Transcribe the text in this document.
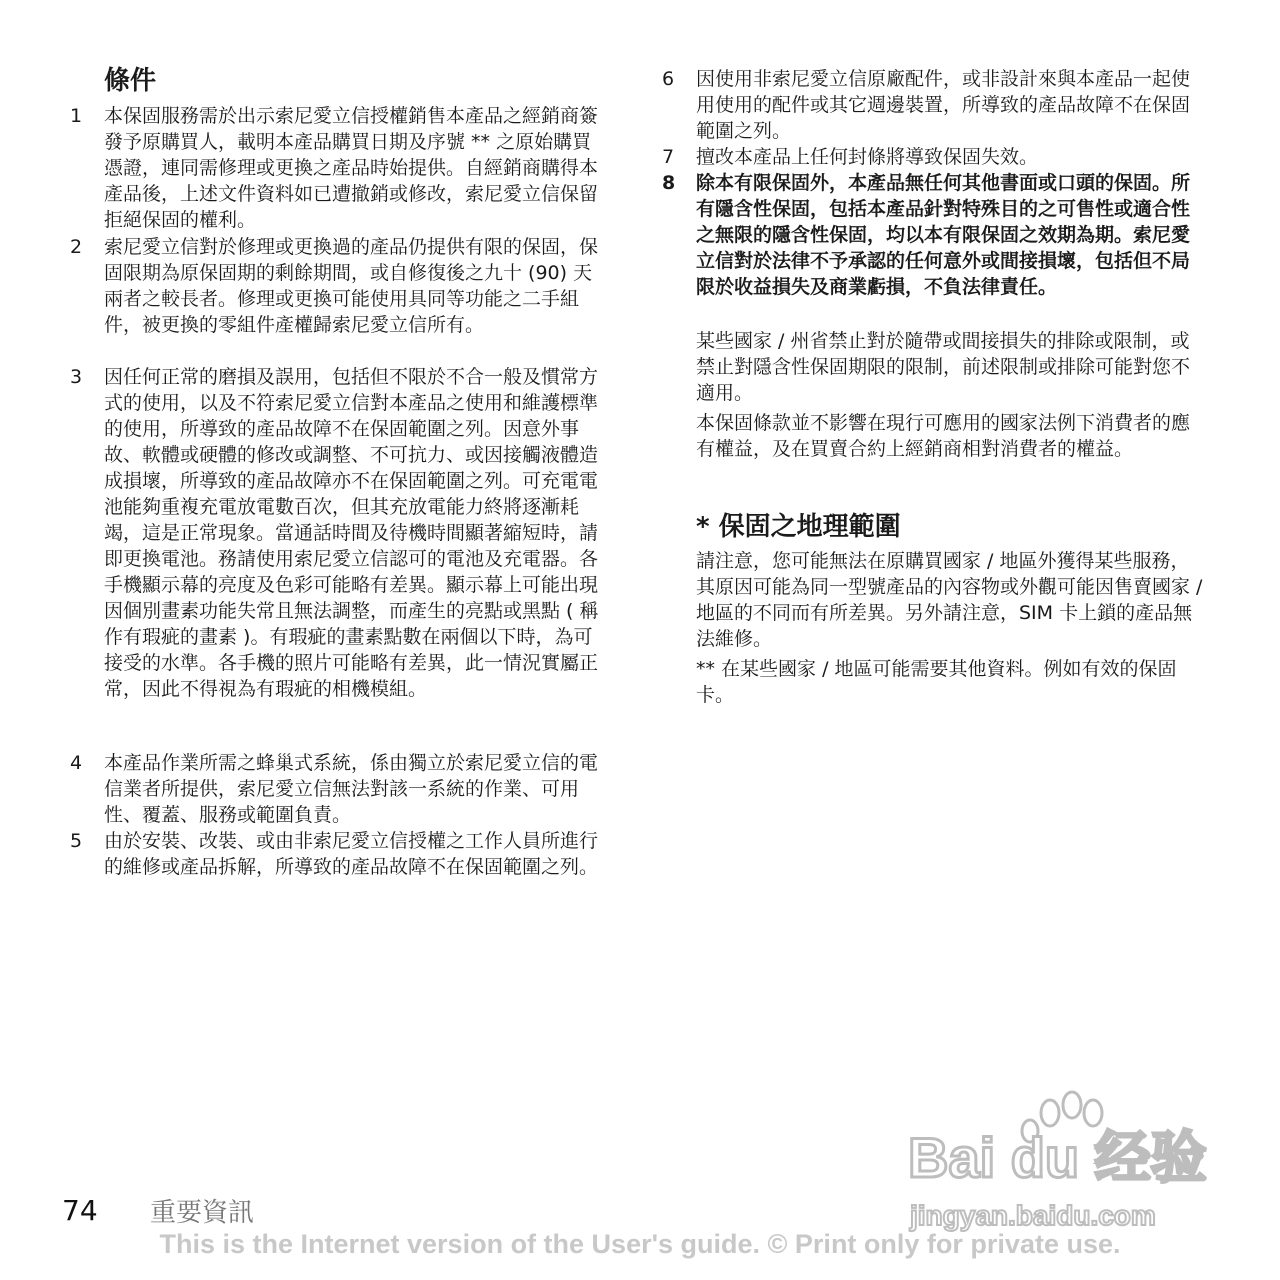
條件
1	本保固服務需於出示索尼愛立信授權銷售本產品之經銷商簽發予原購買人，載明本產品購買日期及序號 ** 之原始購買憑證，連同需修理或更換之產品時始提供。自經銷商購得本產品後，上述文件資料如已遭撤銷或修改，索尼愛立信保留拒絕保固的權利。
2	索尼愛立信對於修理或更換過的產品仍提供有限的保固，保固限期為原保固期的剩餘期間，或自修復後之九十 (90) 天兩者之較長者。修理或更換可能使用具同等功能之二手組件，被更換的零組件產權歸索尼愛立信所有。
3	因任何正常的磨損及誤用，包括但不限於不合一般及慣常方式的使用，以及不符索尼愛立信對本產品之使用和維護標準的使用，所導致的產品故障不在保固範圍之列。因意外事故、軟體或硬體的修改或調整、不可抗力、或因接觸液體造成損壞，所導致的產品故障亦不在保固範圍之列。可充電電池能夠重複充電放電數百次，但其充放電能力終將逐漸耗竭，這是正常現象。當通話時間及待機時間顯著縮短時，請即更換電池。務請使用索尼愛立信認可的電池及充電器。各手機顯示幕的亮度及色彩可能略有差異。顯示幕上可能出現因個別畫素功能失常且無法調整，而產生的亮點或黑點 ( 稱作有瑕疵的畫素 )。有瑕疵的畫素點數在兩個以下時，為可接受的水準。各手機的照片可能略有差異，此一情況實屬正常，因此不得視為有瑕疵的相機模組。
4	本產品作業所需之蜂巢式系統，係由獨立於索尼愛立信的電信業者所提供，索尼愛立信無法對該一系統的作業、可用性、覆蓋、服務或範圍負責。
5	由於安裝、改裝、或由非索尼愛立信授權之工作人員所進行的維修或產品拆解，所導致的產品故障不在保固範圍之列。
6	因使用非索尼愛立信原廠配件，或非設計來與本產品一起使用使用的配件或其它週邊裝置，所導致的產品故障不在保固範圍之列。
7	擅改本產品上任何封條將導致保固失效。
8	除本有限保固外，本產品無任何其他書面或口頭的保固。所有隱含性保固，包括本產品針對特殊目的之可售性或適合性之無限的隱含性保固，均以本有限保固之效期為期。索尼愛立信對於法律不予承認的任何意外或間接損壞，包括但不局限於收益損失及商業虧損，不負法律責任。
某些國家 / 州省禁止對於隨帶或間接損失的排除或限制，或禁止對隱含性保固期限的限制，前述限制或排除可能對您不適用。
本保固條款並不影響在現行可應用的國家法例下消費者的應有權益，及在買賣合約上經銷商相對消費者的權益。
* 保固之地理範圍
請注意，您可能無法在原購買國家 / 地區外獲得某些服務，其原因可能為同一型號產品的內容物或外觀可能因售賣國家 / 地區的不同而有所差異。另外請注意，SIM 卡上鎖的產品無法維修。
** 在某些國家 / 地區可能需要其他資料。例如有效的保固卡。
Bai du 经验
jingyan.baidu.com
74 重要資訊
This is the Internet version of the User's guide. © Print only for private use.
